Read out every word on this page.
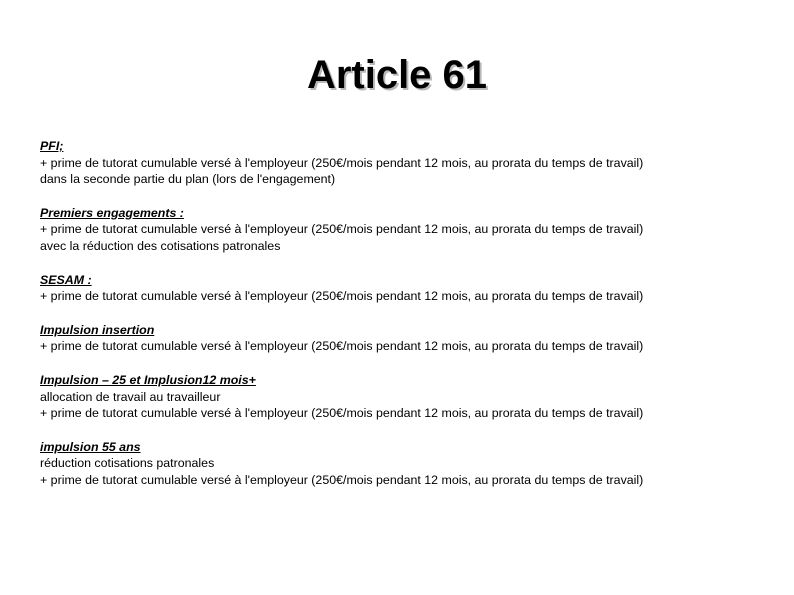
Article 61
PFI;
+ prime de tutorat cumulable versé à l'employeur (250€/mois pendant 12 mois, au prorata du temps de travail)
dans la seconde partie du plan (lors de l'engagement)
Premiers engagements :
+ prime de tutorat cumulable versé à l'employeur (250€/mois pendant 12 mois, au prorata du temps de travail)
avec la réduction des cotisations patronales
SESAM :
+ prime de tutorat cumulable versé à l'employeur (250€/mois pendant 12 mois, au prorata du temps de travail)
Impulsion insertion
+ prime de tutorat cumulable versé à l'employeur (250€/mois pendant 12 mois, au prorata du temps de travail)
Impulsion – 25 et Implusion12 mois+
allocation de travail au travailleur
+ prime de tutorat cumulable versé à l'employeur (250€/mois pendant 12 mois, au prorata du temps de travail)
impulsion 55 ans
réduction cotisations patronales
+ prime de tutorat cumulable versé à l'employeur (250€/mois pendant 12 mois, au prorata du temps de travail)
